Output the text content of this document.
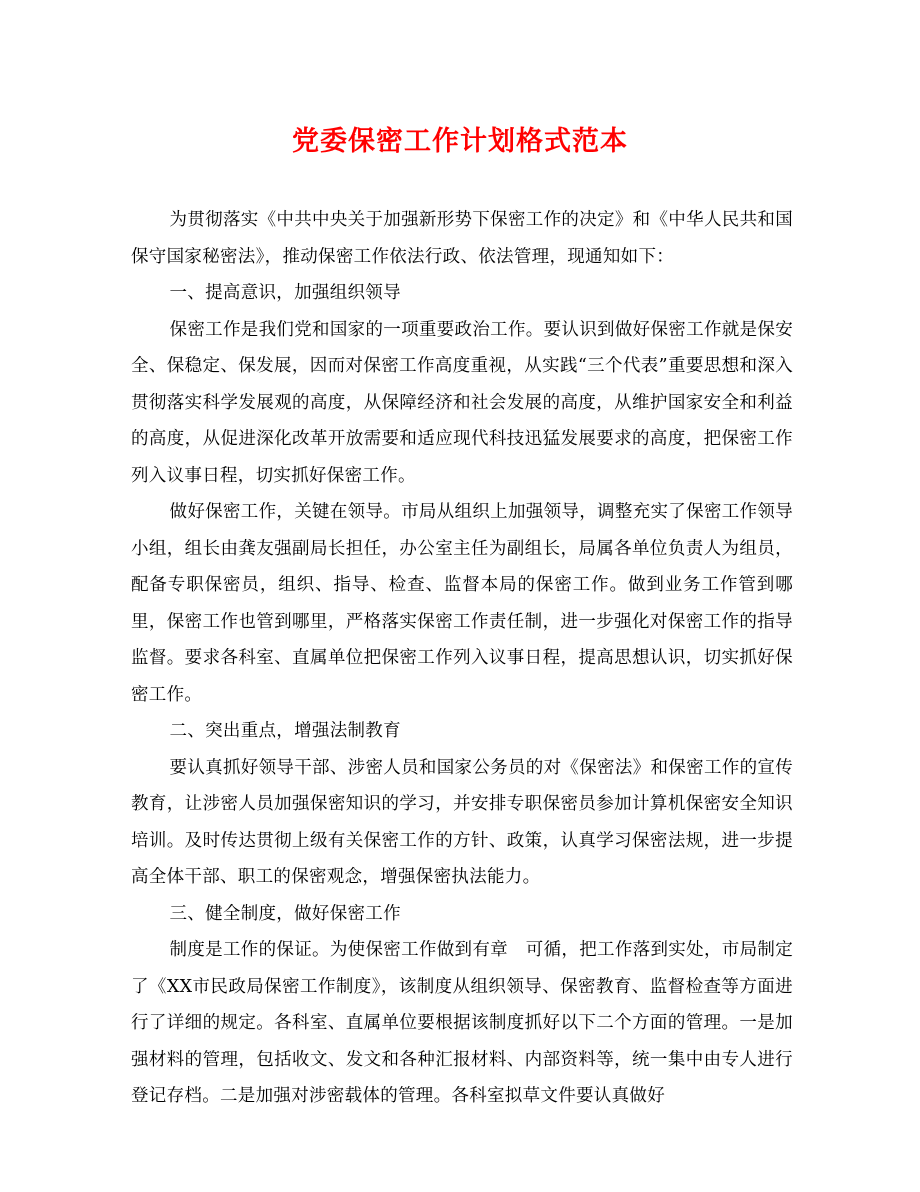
党委保密工作计划格式范本

为贯彻落实《中共中央关于加强新形势下保密工作的决定》和《中华人民共和国保守国家秘密法》，推动保密工作依法行政、依法管理，现通知如下：

一、提高意识，加强组织领导

保密工作是我们党和国家的一项重要政治工作。要认识到做好保密工作就是保安全、保稳定、保发展，因而对保密工作高度重视，从实践“三个代表”重要思想和深入贯彻落实科学发展观的高度，从保障经济和社会发展的高度，从维护国家安全和利益的高度，从促进深化改革开放需要和适应现代科技迅猛发展要求的高度，把保密工作列入议事日程，切实抓好保密工作。

做好保密工作，关键在领导。市局从组织上加强领导，调整充实了保密工作领导小组，组长由龚友强副局长担任，办公室主任为副组长，局属各单位负责人为组员，配备专职保密员，组织、指导、检查、监督本局的保密工作。做到业务工作管到哪里，保密工作也管到哪里，严格落实保密工作责任制，进一步强化对保密工作的指导监督。要求各科室、直属单位把保密工作列入议事日程，提高思想认识，切实抓好保密工作。

二、突出重点，增强法制教育

要认真抓好领导干部、涉密人员和国家公务员的对《保密法》和保密工作的宣传教育，让涉密人员加强保密知识的学习，并安排专职保密员参加计算机保密安全知识培训。及时传达贯彻上级有关保密工作的方针、政策，认真学习保密法规，进一步提高全体干部、职工的保密观念，增强保密执法能力。

三、健全制度，做好保密工作

制度是工作的保证。为使保密工作做到有章　可循，把工作落到实处，市局制定了《XX市民政局保密工作制度》，该制度从组织领导、保密教育、监督检查等方面进行了详细的规定。各科室、直属单位要根据该制度抓好以下二个方面的管理。一是加强材料的管理，包括收文、发文和各种汇报材料、内部资料等，统一集中由专人进行登记存档。二是加强对涉密载体的管理。各科室拟草文件要认真做好
